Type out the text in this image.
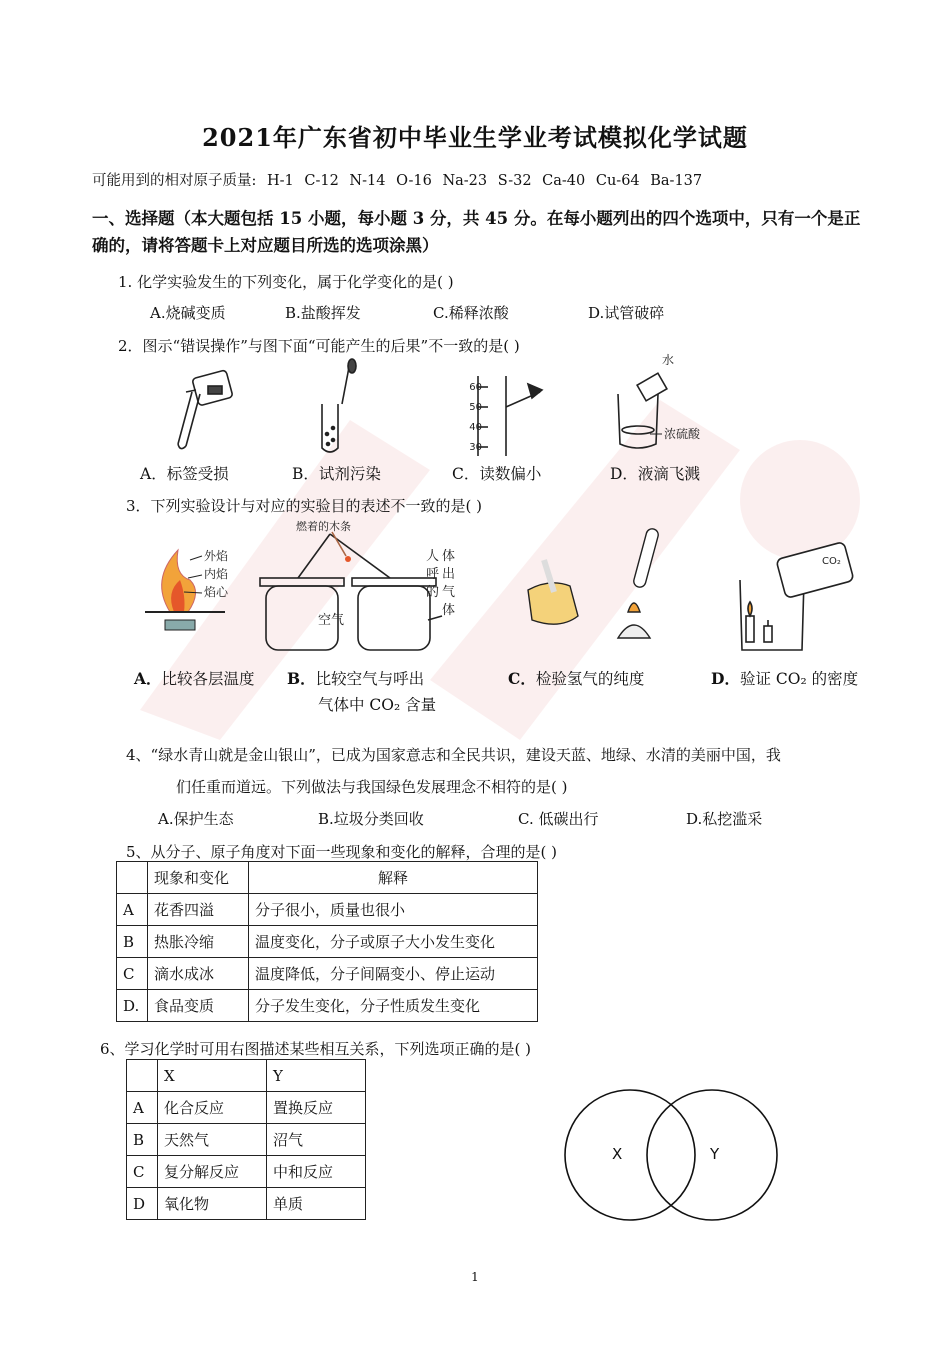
2021年广东省初中毕业生学业考试模拟化学试题
可能用到的相对原子质量: H-1 C-12 N-14 O-16 Na-23 S-32 Ca-40 Cu-64 Ba-137
一、选择题（本大题包括 15 小题，每小题 3 分，共 45 分。在每小题列出的四个选项中，只有一个是正确的，请将答题卡上对应题目所选的选项涂黑）
1. 化学实验发生的下列变化，属于化学变化的是( )
A.烧碱变质	B.盐酸挥发	C.稀释浓酸	D.试管破碎
2．图示“错误操作”与图下面“可能产生的后果”不一致的是( )
60
50
40
30
水
浓硫酸
A．标签受损	B．试剂污染	C．读数偏小	D．液滴飞溅
3．下列实验设计与对应的实验目的表述不一致的是( )
外焰
内焰
焰心
燃着的木条
空气
人 体
呼 出
的 气
体
CO₂
A．比较各层温度 B．比较空气与呼出
气体中 CO₂ 含量
C．检验氢气的纯度	D．验证 CO₂ 的密度
4、“绿水青山就是金山银山”，已成为国家意志和全民共识，建设天蓝、地绿、水清的美丽中国，我
们任重而道远。下列做法与我国绿色发展理念不相符的是( )
A.保护生态	B.垃圾分类回收	C. 低碳出行	D.私挖滥采
5、从分子、原子角度对下面一些现象和变化的解释，合理的是( )
	现象和变化	解释
A	花香四溢	分子很小，质量也很小
B	热胀冷缩	温度变化，分子或原子大小发生变化
C	滴水成冰	温度降低，分子间隔变小、停止运动
D.	食品变质	分子发生变化，分子性质发生变化
6、学习化学时可用右图描述某些相互关系，下列选项正确的是( )
	X	Y
A	化合反应	置换反应
B	天然气	沼气
C	复分解反应	中和反应
D	氧化物	单质
X	Y
1
